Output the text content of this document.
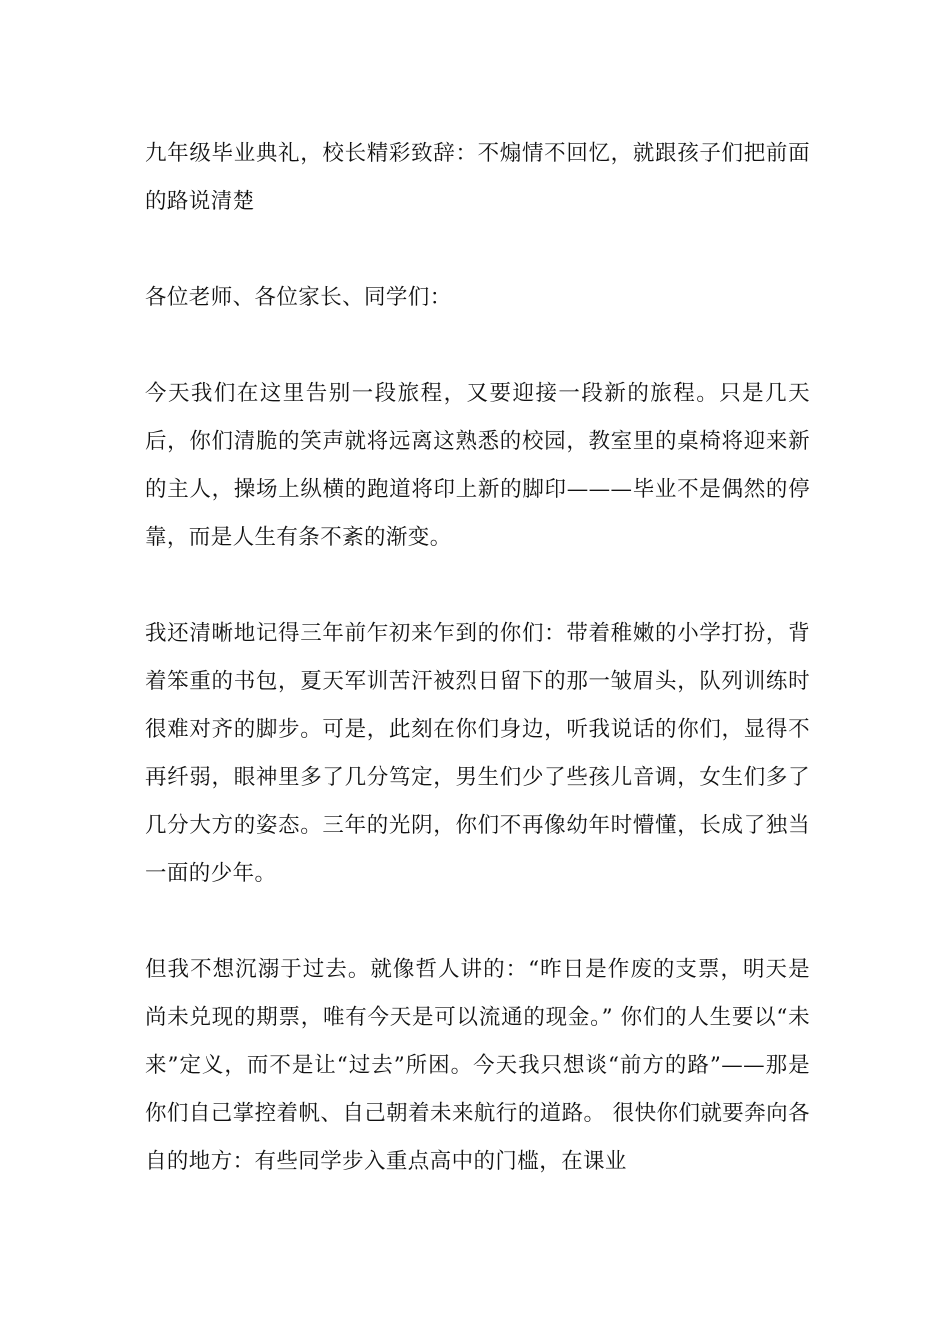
九年级毕业典礼，校长精彩致辞：不煽情不回忆，就跟孩子们把前面的路说清楚

各位老师、各位家长、同学们：

今天我们在这里告别一段旅程，又要迎接一段新的旅程。只是几天后，你们清脆的笑声就将远离这熟悉的校园，教室里的桌椅将迎来新的主人，操场上纵横的跑道将印上新的脚印———毕业不是偶然的停靠，而是人生有条不紊的渐变。

我还清晰地记得三年前乍初来乍到的你们：带着稚嫩的小学打扮，背着笨重的书包，夏天军训苦汗被烈日留下的那一皱眉头，队列训练时很难对齐的脚步。可是，此刻在你们身边，听我说话的你们，显得不再纤弱，眼神里多了几分笃定，男生们少了些孩儿音调，女生们多了几分大方的姿态。三年的光阴，你们不再像幼年时懵懂，长成了独当一面的少年。

但我不想沉溺于过去。就像哲人讲的：“昨日是作废的支票，明天是尚未兑现的期票，唯有今天是可以流通的现金。” 你们的人生要以“未来”定义，而不是让“过去”所困。今天我只想谈“前方的路”——那是你们自己掌控着帆、自己朝着未来航行的道路。 很快你们就要奔向各自的地方：有些同学步入重点高中的门槛，在课业
